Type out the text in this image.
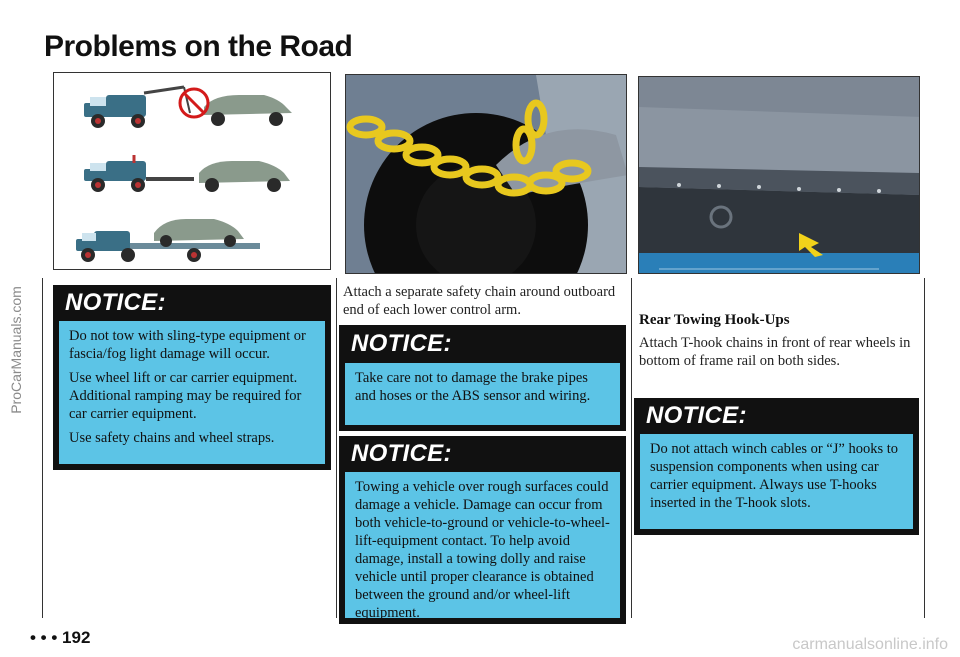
Problems on the Road
ProCarManuals.com	NOTICE:

Do not tow with sling-type equipment or fascia/fog light damage will occur.

Use wheel lift or car carrier equipment. Additional ramping may be required for car carrier equipment.

Use safety chains and wheel straps.

Attach a separate safety chain around outboard end of each lower control arm.
NOTICE:
Take care not to damage the brake pipes and hoses or the ABS sensor and wiring.
NOTICE:
Towing a vehicle over rough surfaces could damage a vehicle. Damage can occur from both vehicle-to-ground or vehicle-to-wheel-lift-equipment contact. To help avoid damage, install a towing dolly and raise vehicle until proper clearance is obtained between the ground and/or wheel-lift equipment.
Rear Towing Hook-Ups
Attach T-hook chains in front of rear wheels in bottom of frame rail on both sides.
NOTICE:
Do not attach winch cables or “J” hooks to suspension components when using car carrier equipment. Always use T-hooks inserted in the T-hook slots.
• • • 192	carmanualsonline.info
